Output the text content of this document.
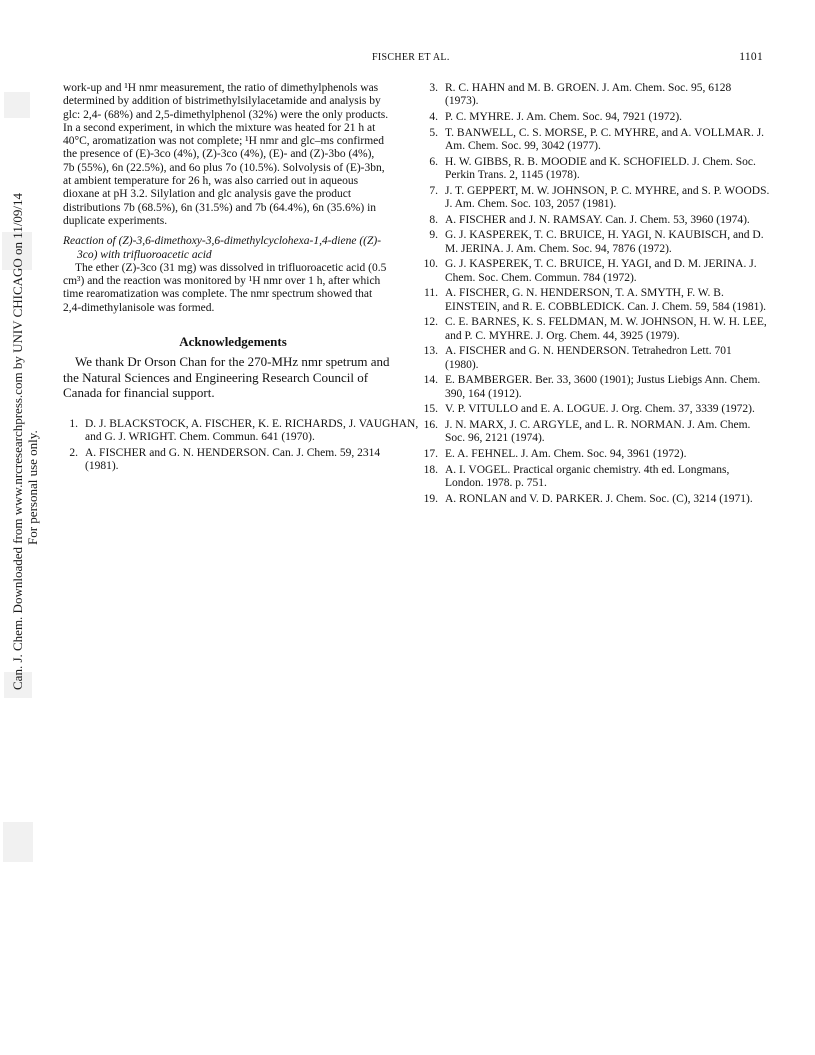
FISCHER ET AL.	1101
work-up and ¹H nmr measurement, the ratio of dimethylphenols was
determined by addition of bistrimethylsilylacetamide and analysis by
glc: 2,4- (68%) and 2,5-dimethylphenol (32%) were the only products.
In a second experiment, in which the mixture was heated for 21 h at
40°C, aromatization was not complete; ¹H nmr and glc–ms confirmed
the presence of (E)-3co (4%), (Z)-3co (4%), (E)- and (Z)-3bo (4%),
7b (55%), 6n (22.5%), and 6o plus 7o (10.5%). Solvolysis of (E)-3bn,
at ambient temperature for 26 h, was also carried out in aqueous
dioxane at pH 3.2. Silylation and glc analysis gave the product
distributions 7b (68.5%), 6n (31.5%) and 7b (64.4%), 6n (35.6%) in
duplicate experiments.
Reaction of (Z)-3,6-dimethoxy-3,6-dimethylcyclohexa-1,4-diene ((Z)-
3co) with trifluoroacetic acid
The ether (Z)-3co (31 mg) was dissolved in trifluoroacetic acid (0.5
cm³) and the reaction was monitored by ¹H nmr over 1 h, after which
time rearomatization was complete. The nmr spectrum showed that
2,4-dimethylanisole was formed.
Acknowledgements
We thank Dr Orson Chan for the 270-MHz nmr spetrum and
the Natural Sciences and Engineering Research Council of
Canada for financial support.
1. D. J. BLACKSTOCK, A. FISCHER, K. E. RICHARDS, J. VAUGHAN,
and G. J. WRIGHT. Chem. Commun. 641 (1970).
2. A. FISCHER and G. N. HENDERSON. Can. J. Chem. 59, 2314
(1981).
3. R. C. HAHN and M. B. GROEN. J. Am. Chem. Soc. 95, 6128
(1973).
4. P. C. MYHRE. J. Am. Chem. Soc. 94, 7921 (1972).
5. T. BANWELL, C. S. MORSE, P. C. MYHRE, and A. VOLLMAR. J.
Am. Chem. Soc. 99, 3042 (1977).
6. H. W. GIBBS, R. B. MOODIE and K. SCHOFIELD. J. Chem. Soc.
Perkin Trans. 2, 1145 (1978).
7. J. T. GEPPERT, M. W. JOHNSON, P. C. MYHRE, and S. P. WOODS.
J. Am. Chem. Soc. 103, 2057 (1981).
8. A. FISCHER and J. N. RAMSAY. Can. J. Chem. 53, 3960 (1974).
9. G. J. KASPEREK, T. C. BRUICE, H. YAGI, N. KAUBISCH, and D.
M. JERINA. J. Am. Chem. Soc. 94, 7876 (1972).
10. G. J. KASPEREK, T. C. BRUICE, H. YAGI, and D. M. JERINA. J.
Chem. Soc. Chem. Commun. 784 (1972).
11. A. FISCHER, G. N. HENDERSON, T. A. SMYTH, F. W. B.
EINSTEIN, and R. E. COBBLEDICK. Can. J. Chem. 59, 584 (1981).
12. C. E. BARNES, K. S. FELDMAN, M. W. JOHNSON, H. W. H. LEE,
and P. C. MYHRE. J. Org. Chem. 44, 3925 (1979).
13. A. FISCHER and G. N. HENDERSON. Tetrahedron Lett. 701
(1980).
14. E. BAMBERGER. Ber. 33, 3600 (1901); Justus Liebigs Ann. Chem.
390, 164 (1912).
15. V. P. VITULLO and E. A. LOGUE. J. Org. Chem. 37, 3339 (1972).
16. J. N. MARX, J. C. ARGYLE, and L. R. NORMAN. J. Am. Chem.
Soc. 96, 2121 (1974).
17. E. A. FEHNEL. J. Am. Chem. Soc. 94, 3961 (1972).
18. A. I. VOGEL. Practical organic chemistry. 4th ed. Longmans,
London. 1978. p. 751.
19. A. RONLAN and V. D. PARKER. J. Chem. Soc. (C), 3214 (1971).
Can. J. Chem. Downloaded from www.nrcresearchpress.com by UNIV CHICAGO on 11/09/14 For personal use only.
